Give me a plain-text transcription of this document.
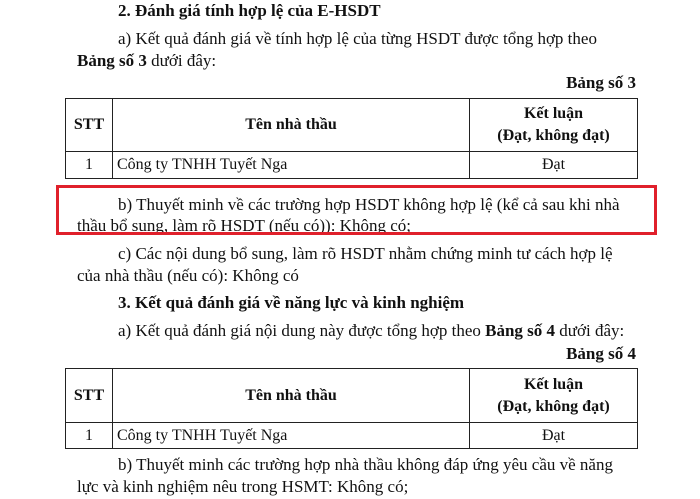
2. Đánh giá tính hợp lệ của E-HSDT
a) Kết quả đánh giá về tính hợp lệ của từng HSDT được tổng hợp theo
Bảng số 3 dưới đây:
Bảng số 3
STT	Tên nhà thầu	Kết luận
(Đạt, không đạt)

1	Công ty TNHH Tuyết Nga	Đạt
b) Thuyết minh về các trường hợp HSDT không hợp lệ (kể cả sau khi nhà
thầu bổ sung, làm rõ HSDT (nếu có)): Không có;
c) Các nội dung bổ sung, làm rõ HSDT nhằm chứng minh tư cách hợp lệ
của nhà thầu (nếu có): Không có
3. Kết quả đánh giá về năng lực và kinh nghiệm
a) Kết quả đánh giá nội dung này được tổng hợp theo Bảng số 4 dưới đây:
Bảng số 4
STT	Tên nhà thầu	Kết luận
(Đạt, không đạt)

1	Công ty TNHH Tuyết Nga	Đạt
b) Thuyết minh các trường hợp nhà thầu không đáp ứng yêu cầu về năng
lực và kinh nghiệm nêu trong HSMT: Không có;
